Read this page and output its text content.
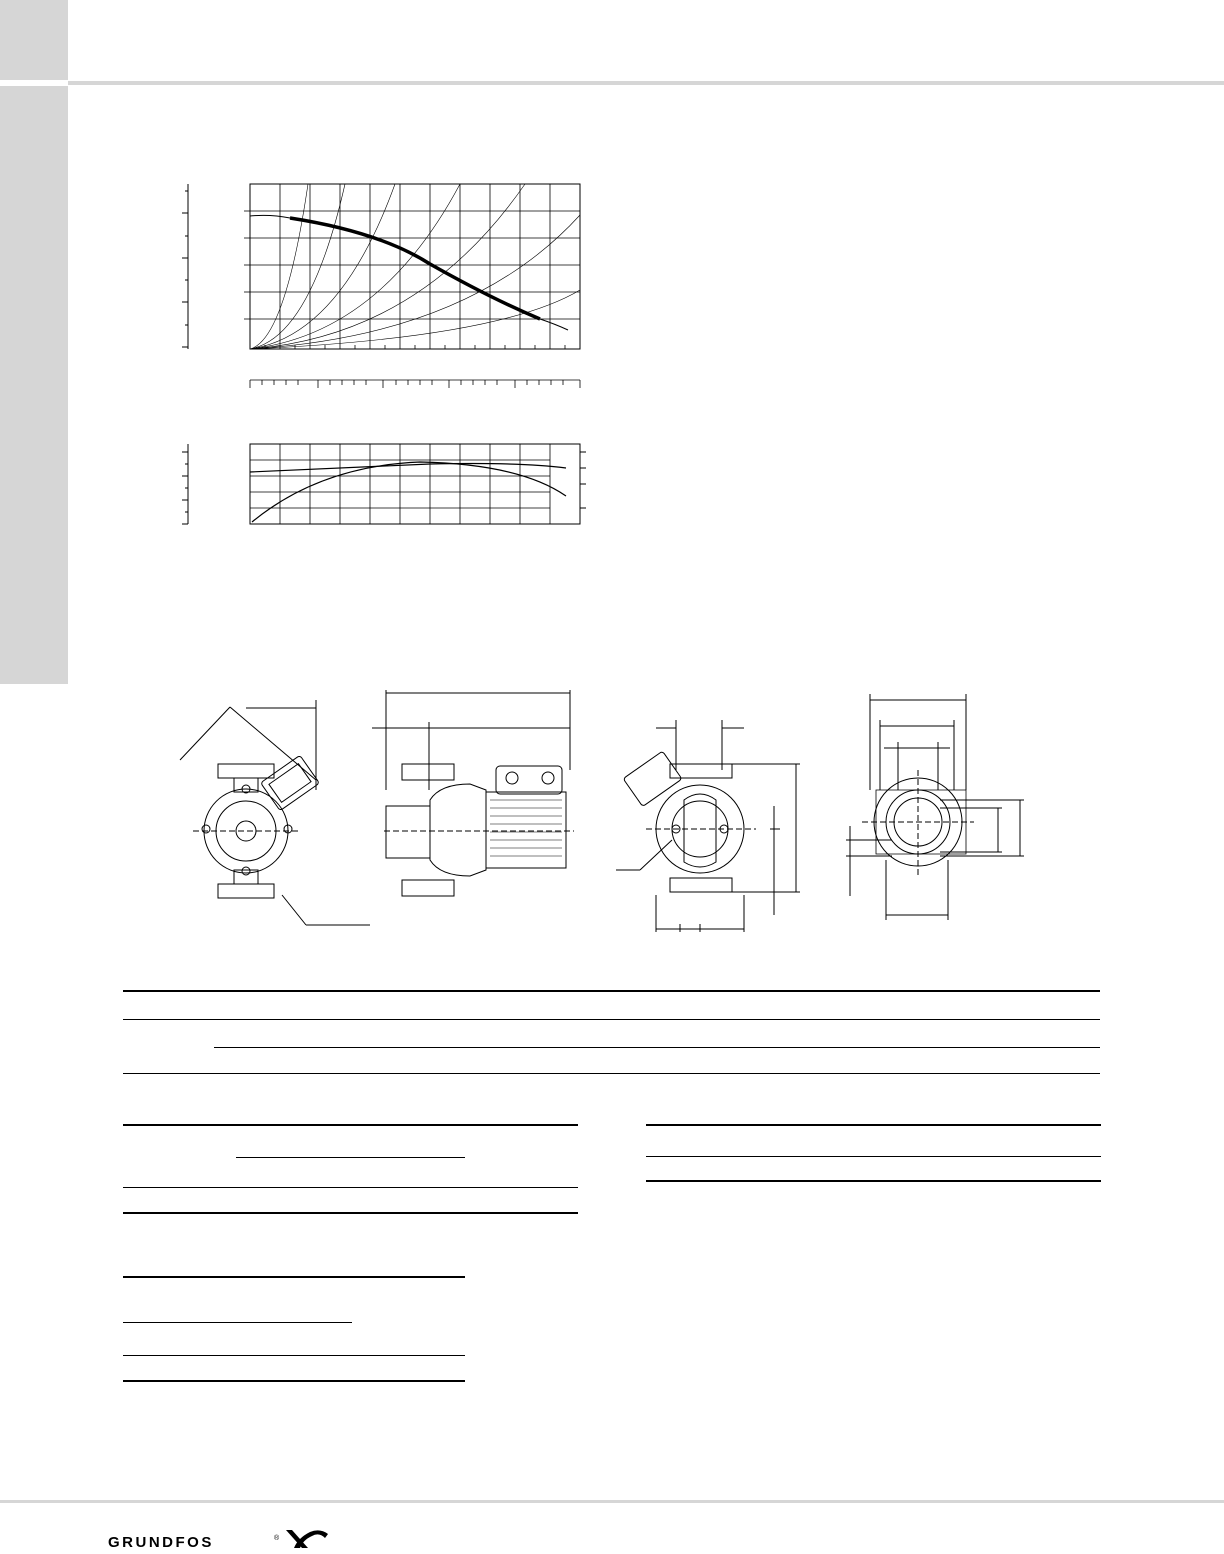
GRUNDFOS	®
